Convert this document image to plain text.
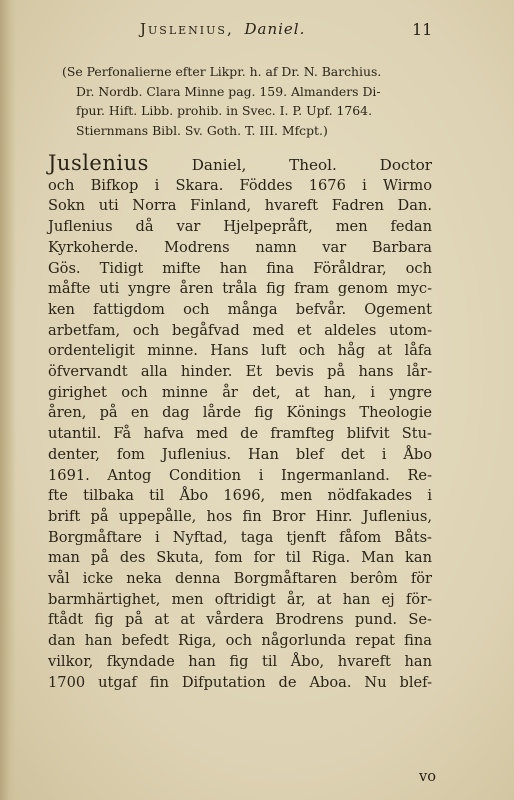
Juslenius, Daniel.	11
(Se Perfonalierne efter Likpr. h. af Dr. N. Barchius.
Dr. Nordb. Clara Minne pag. 159. Almanders Di-
fpur. Hift. Libb. prohib. in Svec. I. P. Upf. 1764.
Stiernmans Bibl. Sv. Goth. T. III. Mfcpt.)
Juslenius	Daniel, Theol. Doctor
och Bifkop i Skara. Föddes 1676 i Wirmo
Sokn uti Norra Finland, hvareft Fadren Dan.
Juflenius då var Hjelpepråft, men fedan
Kyrkoherde. Modrens namn var Barbara
Gös. Tidigt mifte han fina Föråldrar, och
måfte uti yngre åren tråla fig fram genom myc-
ken fattigdom och många befvår. Ogement
arbetfam, och begåfvad med et aldeles utom-
ordenteligit minne. Hans luft och håg at låfa
öfvervandt alla hinder. Et bevis på hans lår-
girighet och minne år det, at han, i yngre
åren, på en dag lårde fig Könings Theologie
utantil. Få hafva med de framfteg blifvit Stu-
denter, fom Juflenius. Han blef det i Åbo
1691. Antog Condition i Ingermanland. Re-
fte tilbaka til Åbo 1696, men nödfakades i
brift på uppepålle, hos fin Bror Hinr. Juflenius,
Borgmåftare i Nyftad, taga tjenft fåfom Båts-
man på des Skuta, fom for til Riga. Man kan
vål icke neka denna Borgmåftaren berôm för
barmhärtighet, men oftridigt år, at han ej för-
ftådt fig på at at vårdera Brodrens pund. Se-
dan han befedt Riga, och någorlunda repat fina
vilkor, fkyndade han fig til Åbo, hvareft han
1700 utgaf fin Difputation de Aboa. Nu blef-
vo
